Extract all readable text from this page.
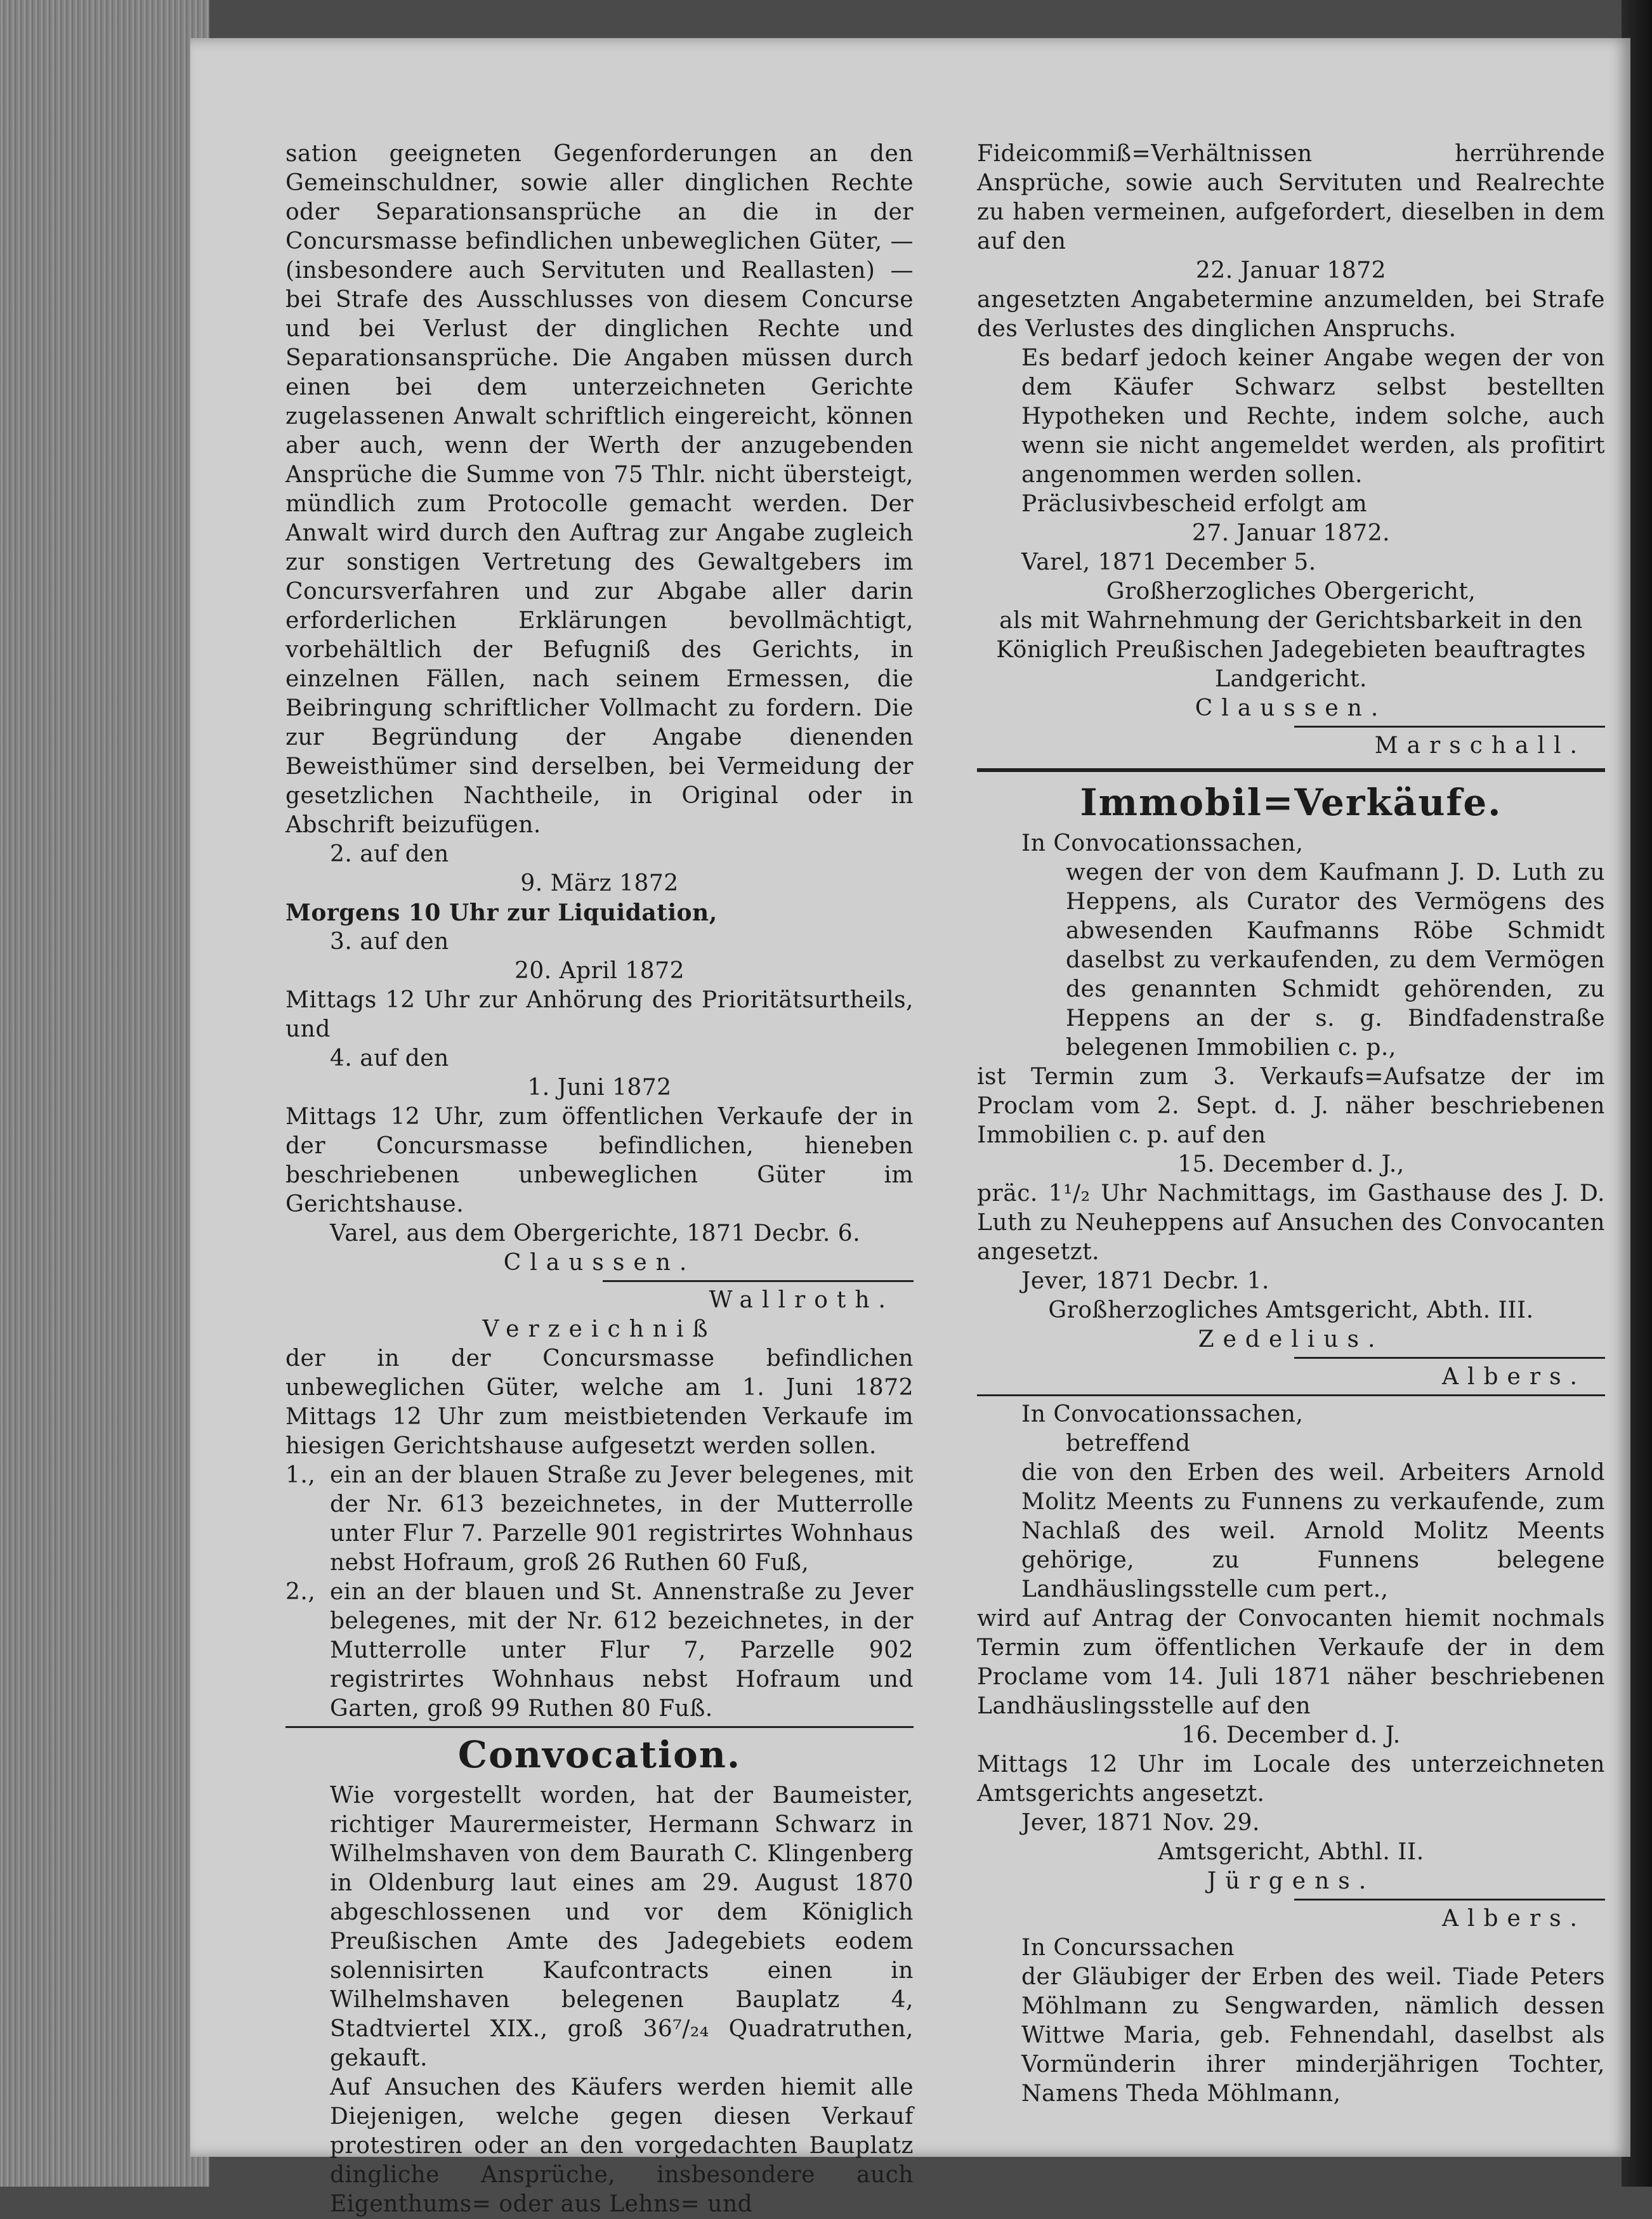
sation geeigneten Gegenforderungen an den Gemeinschuldner, sowie aller dinglichen Rechte oder Separationsansprüche an die in der Concursmasse befindlichen unbeweglichen Güter, — (insbesondere auch Servituten und Reallasten) — bei Strafe des Ausschlusses von diesem Concurse und bei Verlust der dinglichen Rechte und Separationsansprüche. Die Angaben müssen durch einen bei dem unterzeichneten Gerichte zugelassenen Anwalt schriftlich eingereicht, können aber auch, wenn der Werth der anzugebenden Ansprüche die Summe von 75 Thlr. nicht übersteigt, mündlich zum Protocolle gemacht werden. Der Anwalt wird durch den Auftrag zur Angabe zugleich zur sonstigen Vertretung des Gewaltgebers im Concursverfahren und zur Abgabe aller darin erforderlichen Erklärungen bevollmächtigt, vorbehältlich der Befugniß des Gerichts, in einzelnen Fällen, nach seinem Ermessen, die Beibringung schriftlicher Vollmacht zu fordern. Die zur Begründung der Angabe dienenden Beweisthümer sind derselben, bei Vermeidung der gesetzlichen Nachtheile, in Original oder in Abschrift beizufügen.

2. auf den

9. März 1872

Morgens 10 Uhr zur Liquidation,

3. auf den

20. April 1872

Mittags 12 Uhr zur Anhörung des Prioritätsurtheils, und

4. auf den

1. Juni 1872

Mittags 12 Uhr, zum öffentlichen Verkaufe der in der Concursmasse befindlichen, hieneben beschriebenen unbeweglichen Güter im Gerichtshause.

Varel, aus dem Obergerichte, 1871 Decbr. 6.

Claussen.

Wallroth.

Verzeichniß

der in der Concursmasse befindlichen unbeweglichen Güter, welche am 1. Juni 1872 Mittags 12 Uhr zum meistbietenden Verkaufe im hiesigen Gerichtshause aufgesetzt werden sollen.

1., ein an der blauen Straße zu Jever belegenes, mit der Nr. 613 bezeichnetes, in der Mutterrolle unter Flur 7. Parzelle 901 registrirtes Wohnhaus nebst Hofraum, groß 26 Ruthen 60 Fuß,
2., ein an der blauen und St. Annenstraße zu Jever belegenes, mit der Nr. 612 bezeichnetes, in der Mutterrolle unter Flur 7, Parzelle 902 registrirtes Wohnhaus nebst Hofraum und Garten, groß 99 Ruthen 80 Fuß.

Convocation.

Wie vorgestellt worden, hat der Baumeister, richtiger Maurermeister, Hermann Schwarz in Wilhelmshaven von dem Baurath C. Klingenberg in Oldenburg laut eines am 29. August 1870 abgeschlossenen und vor dem Königlich Preußischen Amte des Jadegebiets eodem solennisirten Kaufcontracts einen in Wilhelmshaven belegenen Bauplatz 4, Stadtviertel XIX., groß 36⁷/₂₄ Quadratruthen, gekauft.

Auf Ansuchen des Käufers werden hiemit alle Diejenigen, welche gegen diesen Verkauf protestiren oder an den vorgedachten Bauplatz dingliche Ansprüche, insbesondere auch Eigenthums= oder aus Lehns= und

Fideicommiß=Verhältnissen herrührende Ansprüche, sowie auch Servituten und Realrechte zu haben vermeinen, aufgefordert, dieselben in dem auf den

22. Januar 1872

angesetzten Angabetermine anzumelden, bei Strafe des Verlustes des dinglichen Anspruchs.

Es bedarf jedoch keiner Angabe wegen der von dem Käufer Schwarz selbst bestellten Hypotheken und Rechte, indem solche, auch wenn sie nicht angemeldet werden, als profitirt angenommen werden sollen.

Präclusivbescheid erfolgt am

27. Januar 1872.

Varel, 1871 December 5.

Großherzogliches Obergericht,

als mit Wahrnehmung der Gerichtsbarkeit in den Königlich Preußischen Jadegebieten beauftragtes Landgericht.

Claussen.

Marschall.

Immobil=Verkäufe.

In Convocationssachen,

wegen der von dem Kaufmann J. D. Luth zu Heppens, als Curator des Vermögens des abwesenden Kaufmanns Röbe Schmidt daselbst zu verkaufenden, zu dem Vermögen des genannten Schmidt gehörenden, zu Heppens an der s. g. Bindfadenstraße belegenen Immobilien c. p.,

ist Termin zum 3. Verkaufs=Aufsatze der im Proclam vom 2. Sept. d. J. näher beschriebenen Immobilien c. p. auf den

15. December d. J.,

präc. 1¹/₂ Uhr Nachmittags, im Gasthause des J. D. Luth zu Neuheppens auf Ansuchen des Convocanten angesetzt.

Jever, 1871 Decbr. 1.

Großherzogliches Amtsgericht, Abth. III.

Zedelius.

Albers.

In Convocationssachen,

betreffend

die von den Erben des weil. Arbeiters Arnold Molitz Meents zu Funnens zu verkaufende, zum Nachlaß des weil. Arnold Molitz Meents gehörige, zu Funnens belegene Landhäuslingsstelle cum pert.,

wird auf Antrag der Convocanten hiemit nochmals Termin zum öffentlichen Verkaufe der in dem Proclame vom 14. Juli 1871 näher beschriebenen Landhäuslingsstelle auf den

16. December d. J.

Mittags 12 Uhr im Locale des unterzeichneten Amtsgerichts angesetzt.

Jever, 1871 Nov. 29.

Amtsgericht, Abthl. II.

Jürgens.

Albers.

In Concurssachen

der Gläubiger der Erben des weil. Tiade Peters Möhlmann zu Sengwarden, nämlich dessen Wittwe Maria, geb. Fehnendahl, daselbst als Vormünderin ihrer minderjährigen Tochter, Namens Theda Möhlmann,
